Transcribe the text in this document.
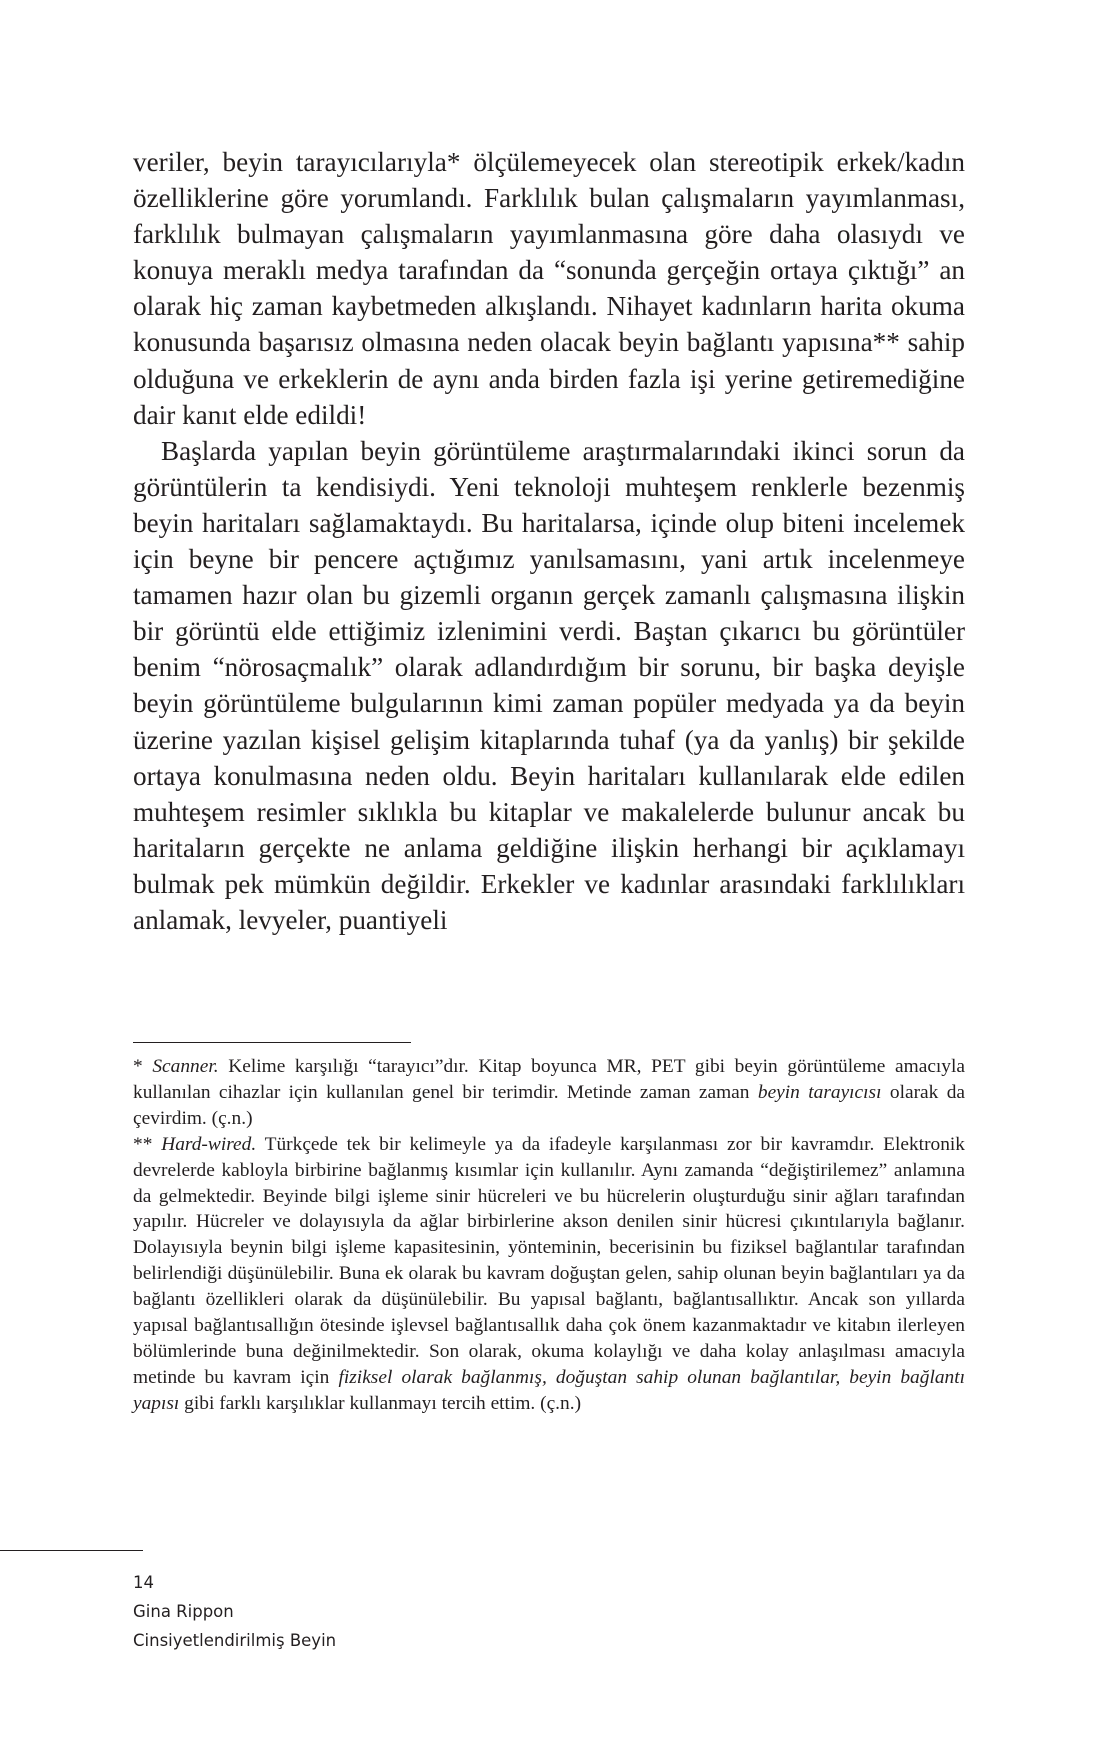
veriler, beyin tarayıcılarıyla* ölçülemeyecek olan stereotipik erkek/kadın özelliklerine göre yorumlandı. Farklılık bulan çalışmaların yayımlanması, farklılık bulmayan çalışmaların yayımlanmasına göre daha olasıydı ve konuya meraklı medya tarafından da “sonunda gerçeğin ortaya çıktığı” an olarak hiç zaman kaybetmeden alkışlandı. Nihayet kadınların harita okuma konusunda başarısız olmasına neden olacak beyin bağlantı yapısına** sahip olduğuna ve erkeklerin de aynı anda birden fazla işi yerine getiremediğine dair kanıt elde edildi!

Başlarda yapılan beyin görüntüleme araştırmalarındaki ikinci sorun da görüntülerin ta kendisiydi. Yeni teknoloji muhteşem renklerle bezenmiş beyin haritaları sağlamaktaydı. Bu haritalarsa, içinde olup biteni incelemek için beyne bir pencere açtığımız yanılsamasını, yani artık incelenmeye tamamen hazır olan bu gizemli organın gerçek zamanlı çalışmasına ilişkin bir görüntü elde ettiğimiz izlenimini verdi. Baştan çıkarıcı bu görüntüler benim “nörosaçmalık” olarak adlandırdığım bir sorunu, bir başka deyişle beyin görüntüleme bulgularının kimi zaman popüler medyada ya da beyin üzerine yazılan kişisel gelişim kitaplarında tuhaf (ya da yanlış) bir şekilde ortaya konulmasına neden oldu. Beyin haritaları kullanılarak elde edilen muhteşem resimler sıklıkla bu kitaplar ve makalelerde bulunur ancak bu haritaların gerçekte ne anlama geldiğine ilişkin herhangi bir açıklamayı bulmak pek mümkün değildir. Erkekler ve kadınlar arasındaki farklılıkları anlamak, levyeler, puantiyeli

* Scanner. Kelime karşılığı “tarayıcı”dır. Kitap boyunca MR, PET gibi beyin görüntüleme amacıyla kullanılan cihazlar için kullanılan genel bir terimdir. Metinde zaman zaman beyin tarayıcısı olarak da çevirdim. (ç.n.)

** Hard-wired. Türkçede tek bir kelimeyle ya da ifadeyle karşılanması zor bir kavramdır. Elektronik devrelerde kabloyla birbirine bağlanmış kısımlar için kullanılır. Aynı zamanda “değiştirilemez” anlamına da gelmektedir. Beyinde bilgi işleme sinir hücreleri ve bu hücrelerin oluşturduğu sinir ağları tarafından yapılır. Hücreler ve dolayısıyla da ağlar birbirlerine akson denilen sinir hücresi çıkıntılarıyla bağlanır. Dolayısıyla beynin bilgi işleme kapasitesinin, yönteminin, becerisinin bu fiziksel bağlantılar tarafından belirlendiği düşünülebilir. Buna ek olarak bu kavram doğuştan gelen, sahip olunan beyin bağlantıları ya da bağlantı özellikleri olarak da düşünülebilir. Bu yapısal bağlantı, bağlantısallıktır. Ancak son yıllarda yapısal bağlantısallığın ötesinde işlevsel bağlantısallık daha çok önem kazanmaktadır ve kitabın ilerleyen bölümlerinde buna değinilmektedir. Son olarak, okuma kolaylığı ve daha kolay anlaşılması amacıyla metinde bu kavram için fiziksel olarak bağlanmış, doğuştan sahip olunan bağlantılar, beyin bağlantı yapısı gibi farklı karşılıklar kullanmayı tercih ettim. (ç.n.)

14
Gina Rippon
Cinsiyetlendirilmiş Beyin
